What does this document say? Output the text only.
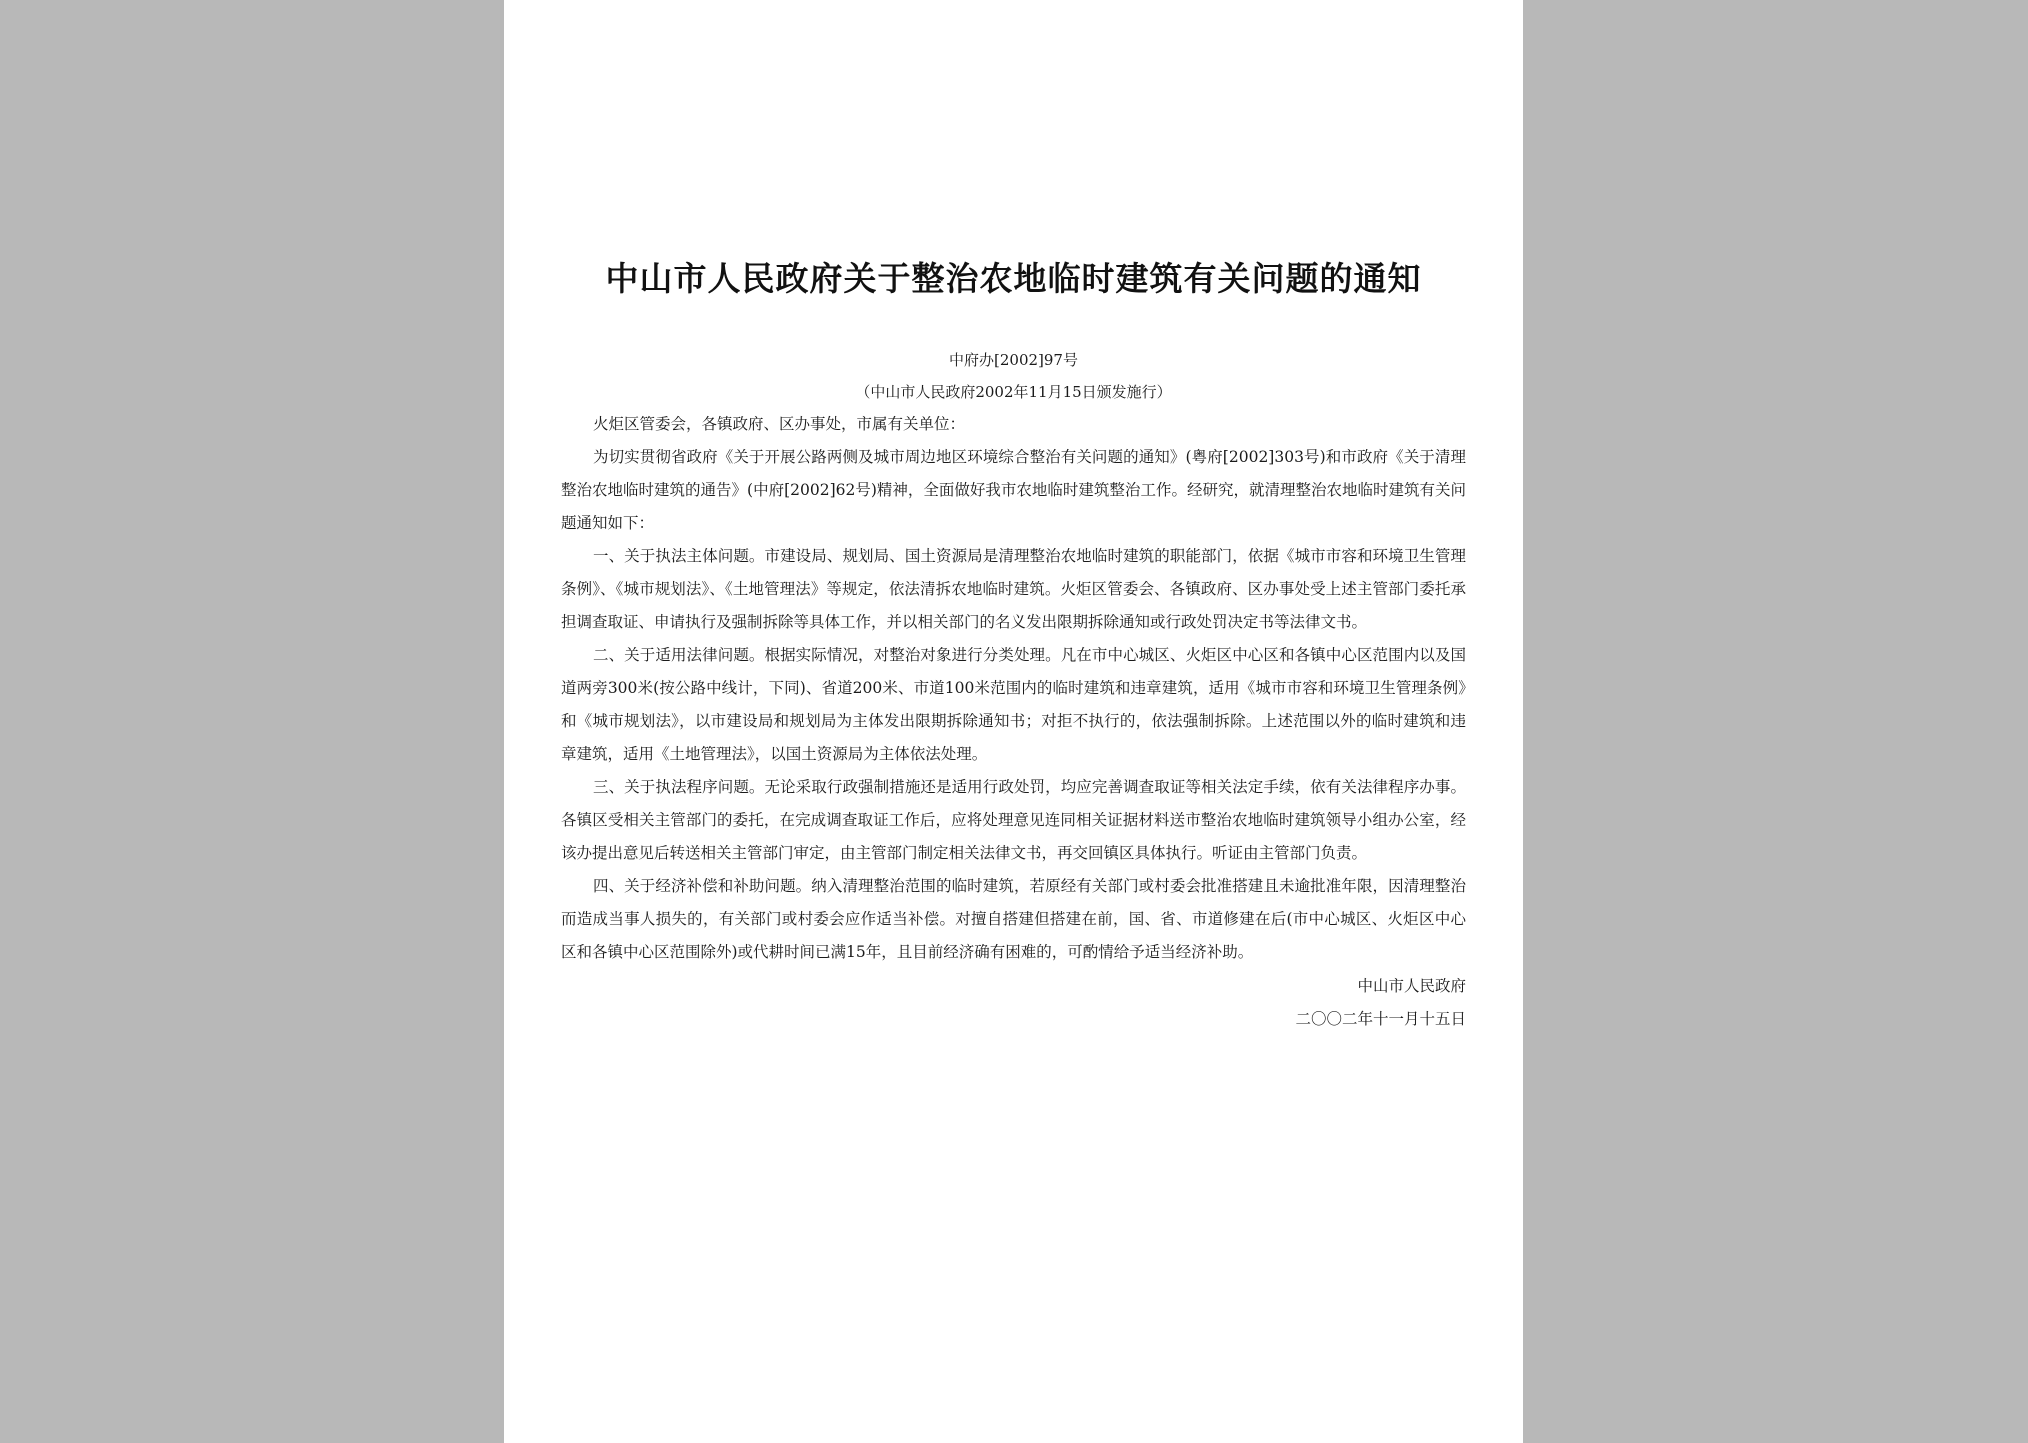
中山市人民政府关于整治农地临时建筑有关问题的通知
中府办[2002]97号
（中山市人民政府2002年11月15日颁发施行）
火炬区管委会，各镇政府、区办事处，市属有关单位：

为切实贯彻省政府《关于开展公路两侧及城市周边地区环境综合整治有关问题的通知》(粤府[2002]303号)和市政府《关于清理整治农地临时建筑的通告》(中府[2002]62号)精神，全面做好我市农地临时建筑整治工作。经研究，就清理整治农地临时建筑有关问题通知如下：

一、关于执法主体问题。市建设局、规划局、国土资源局是清理整治农地临时建筑的职能部门，依据《城市市容和环境卫生管理条例》、《城市规划法》、《土地管理法》等规定，依法清拆农地临时建筑。火炬区管委会、各镇政府、区办事处受上述主管部门委托承担调查取证、申请执行及强制拆除等具体工作，并以相关部门的名义发出限期拆除通知或行政处罚决定书等法律文书。

二、关于适用法律问题。根据实际情况，对整治对象进行分类处理。凡在市中心城区、火炬区中心区和各镇中心区范围内以及国道两旁300米(按公路中线计，下同)、省道200米、市道100米范围内的临时建筑和违章建筑，适用《城市市容和环境卫生管理条例》和《城市规划法》，以市建设局和规划局为主体发出限期拆除通知书；对拒不执行的，依法强制拆除。上述范围以外的临时建筑和违章建筑，适用《土地管理法》，以国土资源局为主体依法处理。

三、关于执法程序问题。无论采取行政强制措施还是适用行政处罚，均应完善调查取证等相关法定手续，依有关法律程序办事。各镇区受相关主管部门的委托，在完成调查取证工作后，应将处理意见连同相关证据材料送市整治农地临时建筑领导小组办公室，经该办提出意见后转送相关主管部门审定，由主管部门制定相关法律文书，再交回镇区具体执行。听证由主管部门负责。

四、关于经济补偿和补助问题。纳入清理整治范围的临时建筑，若原经有关部门或村委会批准搭建且未逾批准年限，因清理整治而造成当事人损失的，有关部门或村委会应作适当补偿。对擅自搭建但搭建在前，国、省、市道修建在后(市中心城区、火炬区中心区和各镇中心区范围除外)或代耕时间已满15年，且目前经济确有困难的，可酌情给予适当经济补助。

中山市人民政府
二〇〇二年十一月十五日
